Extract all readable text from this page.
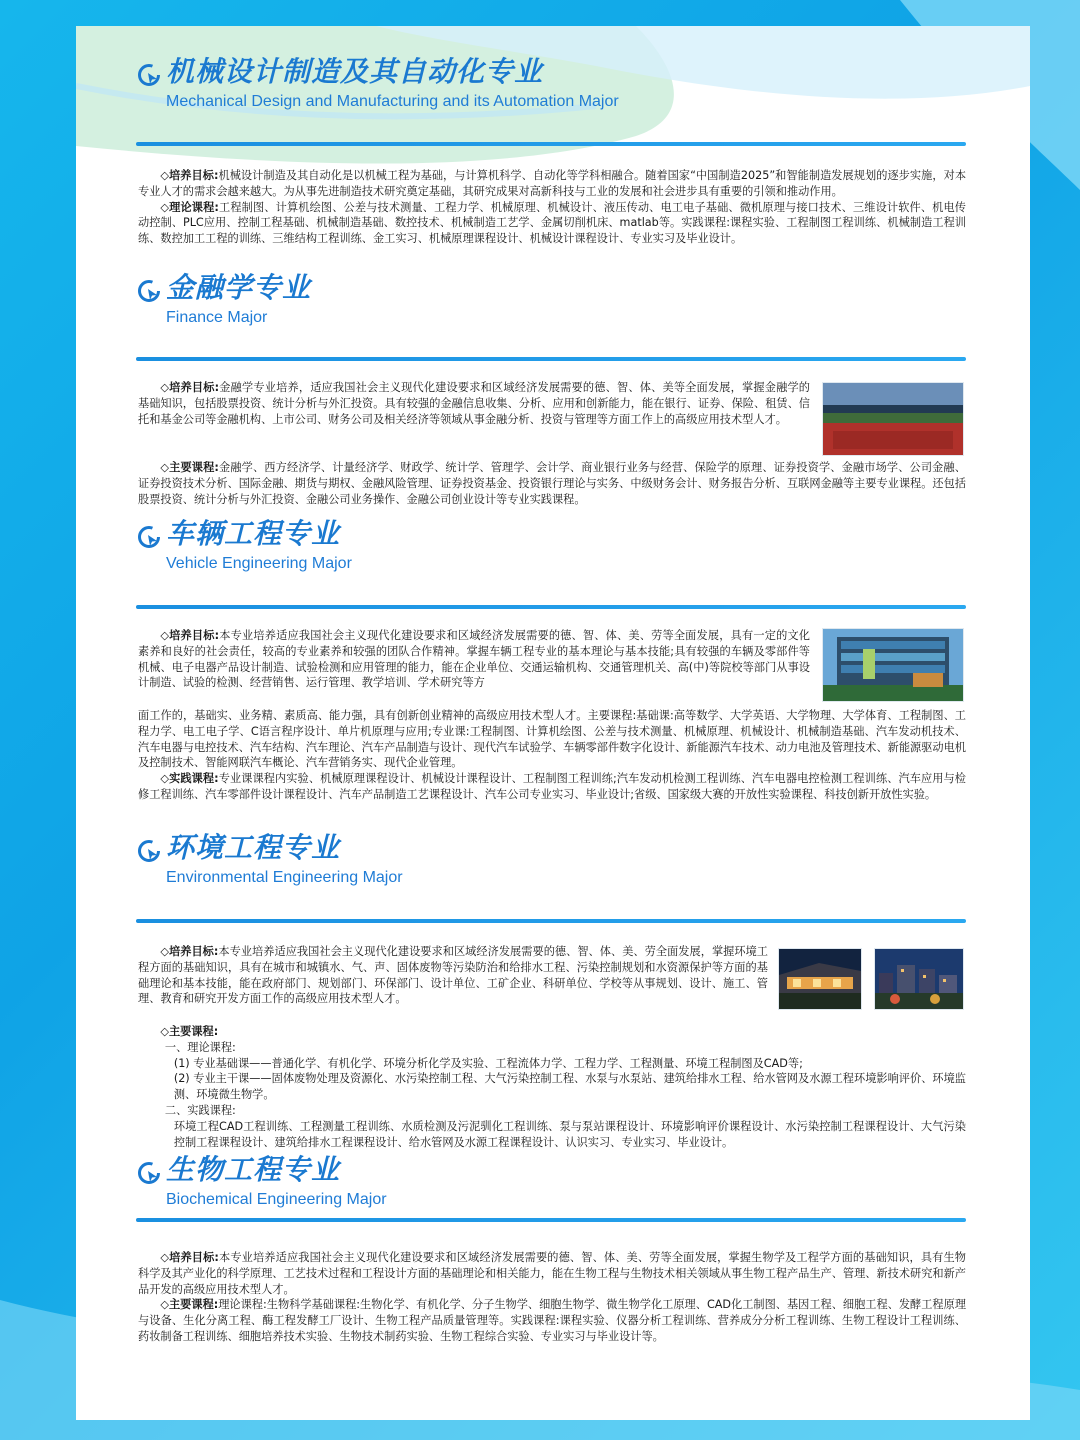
机械设计制造及其自动化专业
Mechanical Design and Manufacturing and its Automation Major

◇培养目标:机械设计制造及其自动化是以机械工程为基础，与计算机科学、自动化等学科相融合。随着国家“中国制造2025”和智能制造发展规划的逐步实施，对本专业人才的需求会越来越大。为从事先进制造技术研究奠定基础，其研究成果对高新科技与工业的发展和社会进步具有重要的引领和推动作用。

◇理论课程:工程制图、计算机绘图、公差与技术测量、工程力学、机械原理、机械设计、液压传动、电工电子基础、微机原理与接口技术、三维设计软件、机电传动控制、PLC应用、控制工程基础、机械制造基础、数控技术、机械制造工艺学、金属切削机床、matlab等。实践课程:课程实验、工程制图工程训练、机械制造工程训练、数控加工工程的训练、三维结构工程训练、金工实习、机械原理课程设计、机械设计课程设计、专业实习及毕业设计。

金融学专业
Finance Major

◇培养目标:金融学专业培养，适应我国社会主义现代化建设要求和区域经济发展需要的德、智、体、美等全面发展，掌握金融学的基础知识，包括股票投资、统计分析与外汇投资。具有较强的金融信息收集、分析、应用和创新能力，能在银行、证券、保险、租赁、信托和基金公司等金融机构、上市公司、财务公司及相关经济等领域从事金融分析、投资与管理等方面工作上的高级应用技术型人才。

◇主要课程:金融学、西方经济学、计量经济学、财政学、统计学、管理学、会计学、商业银行业务与经营、保险学的原理、证券投资学、金融市场学、公司金融、证券投资技术分析、国际金融、期货与期权、金融风险管理、证券投资基金、投资银行理论与实务、中级财务会计、财务报告分析、互联网金融等主要专业课程。还包括股票投资、统计分析与外汇投资、金融公司业务操作、金融公司创业设计等专业实践课程。

车辆工程专业
Vehicle Engineering Major

◇培养目标:本专业培养适应我国社会主义现代化建设要求和区域经济发展需要的德、智、体、美、劳等全面发展，具有一定的文化素养和良好的社会责任，较高的专业素养和较强的团队合作精神。掌握车辆工程专业的基本理论与基本技能;具有较强的车辆及零部件等机械、电子电器产品设计制造、试验检测和应用管理的能力，能在企业单位、交通运输机构、交通管理机关、高(中)等院校等部门从事设计制造、试验的检测、经营销售、运行管理、教学培训、学术研究等方

面工作的，基础实、业务精、素质高、能力强，具有创新创业精神的高级应用技术型人才。主要课程:基础课:高等数学、大学英语、大学物理、大学体育、工程制图、工程力学、电工电子学、C语言程序设计、单片机原理与应用;专业课:工程制图、计算机绘图、公差与技术测量、机械原理、机械设计、机械制造基础、汽车发动机技术、汽车电器与电控技术、汽车结构、汽车理论、汽车产品制造与设计、现代汽车试验学、车辆零部件数字化设计、新能源汽车技术、动力电池及管理技术、新能源驱动电机及控制技术、智能网联汽车概论、汽车营销务实、现代企业管理。

◇实践课程:专业课课程内实验、机械原理课程设计、机械设计课程设计、工程制图工程训练;汽车发动机检测工程训练、汽车电器电控检测工程训练、汽车应用与检修工程训练、汽车零部件设计课程设计、汽车产品制造工艺课程设计、汽车公司专业实习、毕业设计;省级、国家级大赛的开放性实验课程、科技创新开放性实验。

环境工程专业
Environmental Engineering Major

◇培养目标:本专业培养适应我国社会主义现代化建设要求和区域经济发展需要的德、智、体、美、劳全面发展，掌握环境工程方面的基础知识，具有在城市和城镇水、气、声、固体废物等污染防治和给排水工程、污染控制规划和水资源保护等方面的基础理论和基本技能，能在政府部门、规划部门、环保部门、设计单位、工矿企业、科研单位、学校等从事规划、设计、施工、管理、教育和研究开发方面工作的高级应用技术型人才。

◇主要课程:

一、理论课程:

(1) 专业基础课——普通化学、有机化学、环境分析化学及实验、工程流体力学、工程力学、工程测量、环境工程制图及CAD等;

(2) 专业主干课——固体废物处理及资源化、水污染控制工程、大气污染控制工程、水泵与水泵站、建筑给排水工程、给水管网及水源工程环境影响评价、环境监测、环境微生物学。

二、实践课程:

环境工程CAD工程训练、工程测量工程训练、水质检测及污泥驯化工程训练、泵与泵站课程设计、环境影响评价课程设计、水污染控制工程课程设计、大气污染控制工程课程设计、建筑给排水工程课程设计、给水管网及水源工程课程设计、认识实习、专业实习、毕业设计。

生物工程专业
Biochemical Engineering Major

◇培养目标:本专业培养适应我国社会主义现代化建设要求和区域经济发展需要的德、智、体、美、劳等全面发展，掌握生物学及工程学方面的基础知识，具有生物科学及其产业化的科学原理、工艺技术过程和工程设计方面的基础理论和相关能力，能在生物工程与生物技术相关领域从事生物工程产品生产、管理、新技术研究和新产品开发的高级应用技术型人才。

◇主要课程:理论课程:生物科学基础课程:生物化学、有机化学、分子生物学、细胞生物学、微生物学化工原理、CAD化工制图、基因工程、细胞工程、发酵工程原理与设备、生化分离工程、酶工程发酵工厂设计、生物工程产品质量管理等。实践课程:课程实验、仪器分析工程训练、营养成分分析工程训练、生物工程设计工程训练、药妆制备工程训练、细胞培养技术实验、生物技术制药实验、生物工程综合实验、专业实习与毕业设计等。
